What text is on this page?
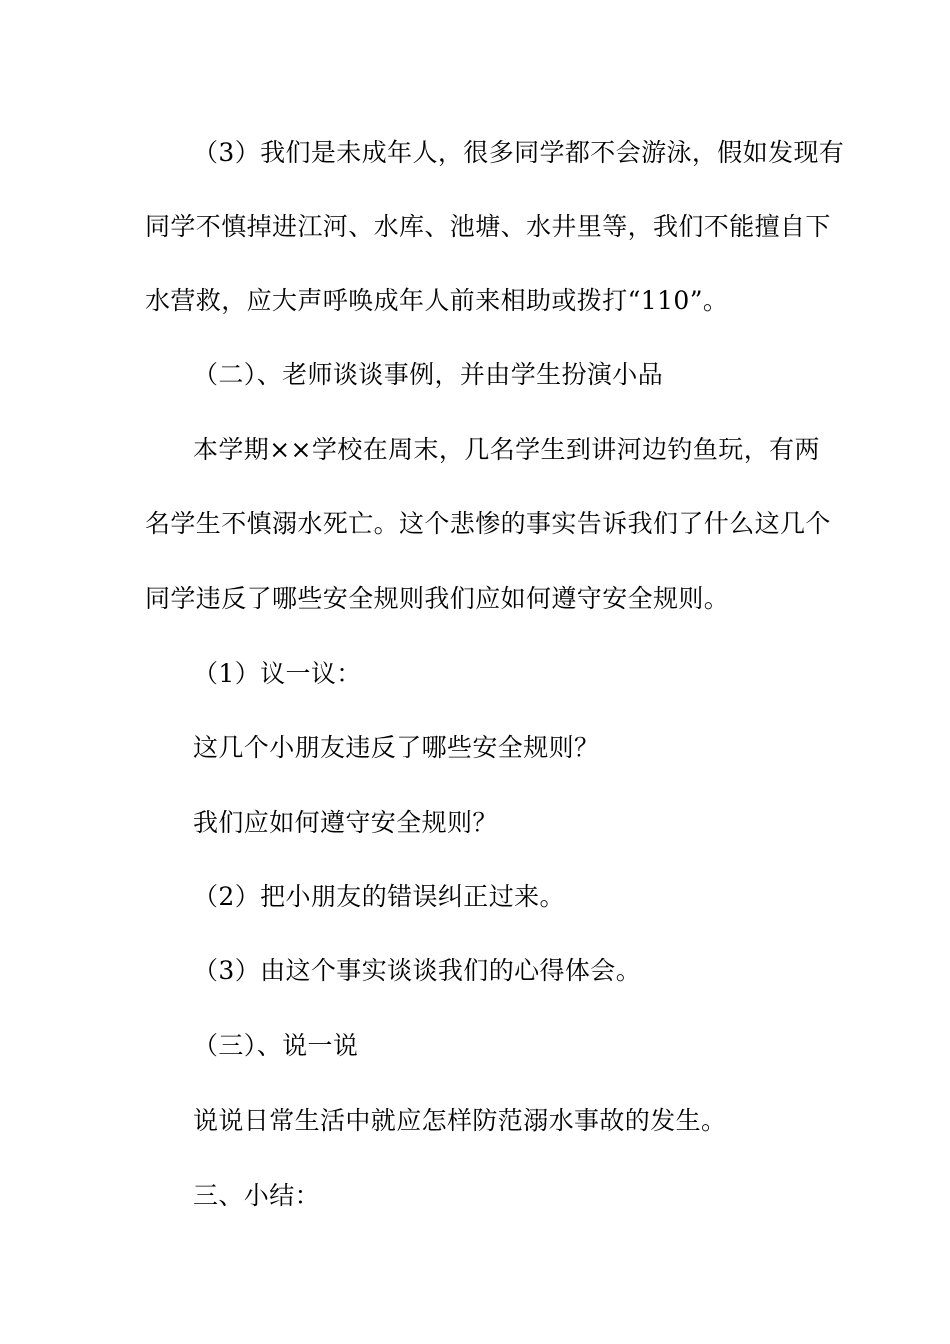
（3）我们是未成年人，很多同学都不会游泳，假如发现有
同学不慎掉进江河、水库、池塘、水井里等，我们不能擅自下
水营救，应大声呼唤成年人前来相助或拨打“110”。
（二）、老师谈谈事例，并由学生扮演小品
本学期××学校在周末，几名学生到讲河边钓鱼玩，有两
名学生不慎溺水死亡。这个悲惨的事实告诉我们了什么这几个
同学违反了哪些安全规则我们应如何遵守安全规则。
（1）议一议：
这几个小朋友违反了哪些安全规则？
我们应如何遵守安全规则？
（2）把小朋友的错误纠正过来。
（3）由这个事实谈谈我们的心得体会。
（三）、说一说
说说日常生活中就应怎样防范溺水事故的发生。
三、小结：
